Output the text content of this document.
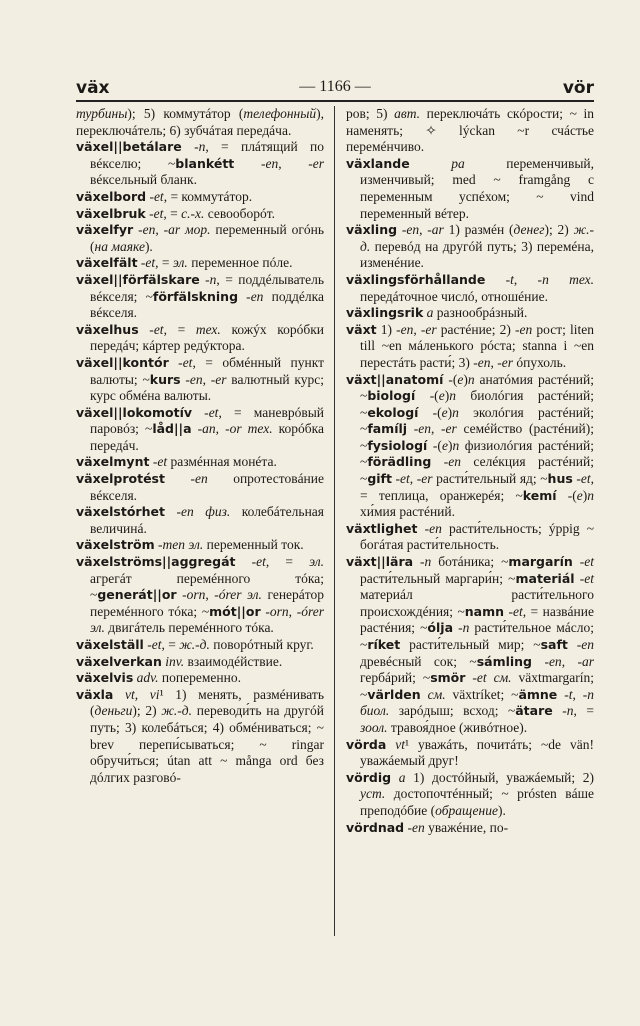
väx	— 1166 —	vör

турбины); 5) коммутáтор (телефонный), переключáтель; 6) зубчáтая передáча.

växel||betálare -n, = плáтящий по вéкселю; ~blankétt -en, -er вéксельный бланк.

växelbord -et, = коммутáтор.

växelbruk -et, = с.-х. севооборóт.

växelfyr -en, -ar мор. переменный огóнь (на маяке).

växelfält -et, = эл. переменное пóле.

växel||förfälskare -n, = поддéлыватель вéкселя; ~förfälskning -en поддéлка вéкселя.

växelhus -et, = тех. кожýх корóбки передáч; кáртер редýктора.

växel||kontór -et, = обмéнный пункт валюты; ~kurs -en, -er валютный курс; курс обмéна валюты.

växel||lokomotív -et, = маневрóвый паровóз; ~låd||a -an, -or тех. корóбка передáч.

växelmynt -et размéнная монéта.

växelprotést -en опротестовáние вéкселя.

växelstórhet -en физ. колебáтельная величинá.

växelström -men эл. переменный ток.

växelströms||aggregát -et, = эл. агрегáт перемéнного тóка; ~generát||or -orn, -órer эл. генерáтор перемéнного тóка; ~mót||or -orn, -órer эл. двигáтель перемéнного тóка.

växelställ -et, = ж.-д. поворóтный круг.

växelverkan inv. взаимодéйствие.

växelvis adv. попеременно.

växla vt, vi¹ 1) менять, размéнивать (деньги); 2) ж.-д. переводи́ть на другóй путь; 3) колебáться; 4) обмéниваться; ~ brev перепи́сываться; ~ ringar обручи́ться; útan att ~ många ord без дóлгих разговó-

ров; 5) авт. переключáть скóрости; ~ in наменять; ✧ lýckan ~r счáстье перемéнчиво.

växlande	pa переменчивый, изменчивый; med ~ framgång с переменным успéхом; ~ vind переменный вéтер.

växling -en, -ar 1) размéн (денег); 2) ж.-д. перевóд на другóй путь; 3) перемéна, изменéние.

växlingsförhållande -t, -n тех. передáточное числó, отношéние.

växlingsrik a разнообрáзный.

växt 1) -en, -er растéние; 2) -en рост; liten till ~en мáленького рóста; stanna i ~en перестáть расти́; 3) -en, -er óпухоль.

växt||anatomí -(e)n анатóмия растéний; ~biologí -(e)n биолóгия растéний; ~ekologí -(e)n эколóгия растéний; ~famílj -en, -er семéйство (растéний); ~fysiologí -(e)n физиолóгия растéний; ~förädling -en селéкция растéний; ~gift -et, -er расти́тельный яд; ~hus -et, = теплица, оранжерéя; ~kemí -(e)n хи́мия растéний.

växtlighet -en расти́тельность; ýppig ~ богáтая расти́тельность.

växt||lära -n ботáника; ~margarín -et расти́тельный маргари́н; ~materiál -et материáл расти́тельного происхождéния; ~namn -et, = назвáние растéния; ~ólja -n расти́тельное мáсло; ~ríket расти́тельный мир; ~saft -en древéсный сок; ~sámling -en, -ar гербáрий; ~smör -et см. växtmargarín; ~världen см. växtríket; ~ämne -t, -n биол. зарóдыш; всход; ~ätare -n, = зоол. травоя́дное (живóтное).

vörda vt¹ уважáть, почитáть; ~de vän! уважáемый друг!

vördig a 1) достóйный, уважáемый; 2) уст. достопочтéнный; ~ prósten вáше преподóбие (обращение).

vördnad -en уважéние, по-
